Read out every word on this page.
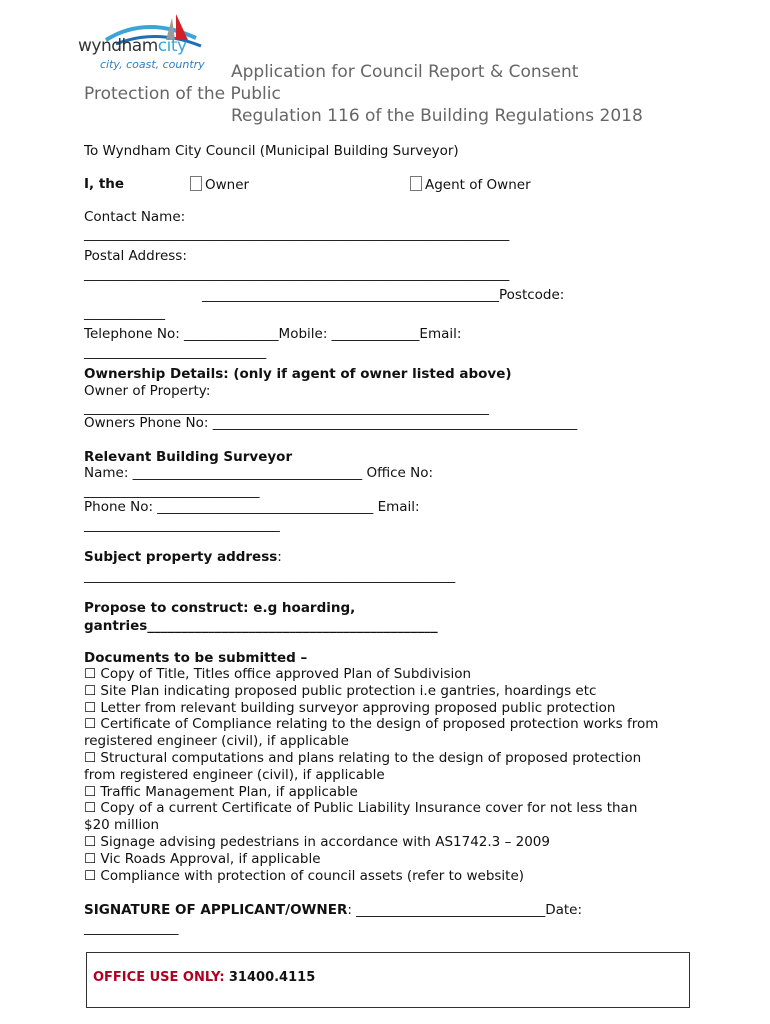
wyndhamcity
city, coast, country Application for Council Report & Consent
Protection of the Public
Regulation 116 of the Building Regulations 2018
To Wyndham City Council (Municipal Building Surveyor)
I, the	Owner	Agent of Owner
Contact Name:
_______________________________________________________________
Postal Address:
_______________________________________________________________
____________________________________________Postcode:
____________
Telephone No: ______________Mobile: _____________Email:
___________________________
Ownership Details: (only if agent of owner listed above)
Owner of Property:
____________________________________________________________
Owners Phone No: ______________________________________________________
Relevant Building Surveyor
Name: __________________________________ Office No:
__________________________
Phone No: ________________________________ Email:
_____________________________
Subject property address:
_______________________________________________________
Propose to construct: e.g hoarding,
gantries___________________________________________
Documents to be submitted –
☐ Copy of Title, Titles office approved Plan of Subdivision
☐ Site Plan indicating proposed public protection i.e gantries, hoardings etc
☐ Letter from relevant building surveyor approving proposed public protection
☐ Certificate of Compliance relating to the design of proposed protection works from
registered engineer (civil), if applicable
☐ Structural computations and plans relating to the design of proposed protection
from registered engineer (civil), if applicable
☐ Traffic Management Plan, if applicable
☐ Copy of a current Certificate of Public Liability Insurance cover for not less than
$20 million
☐ Signage advising pedestrians in accordance with AS1742.3 – 2009
☐ Vic Roads Approval, if applicable
☐ Compliance with protection of council assets (refer to website)
SIGNATURE OF APPLICANT/OWNER: ____________________________Date:
______________
OFFICE USE ONLY: 31400.4115
